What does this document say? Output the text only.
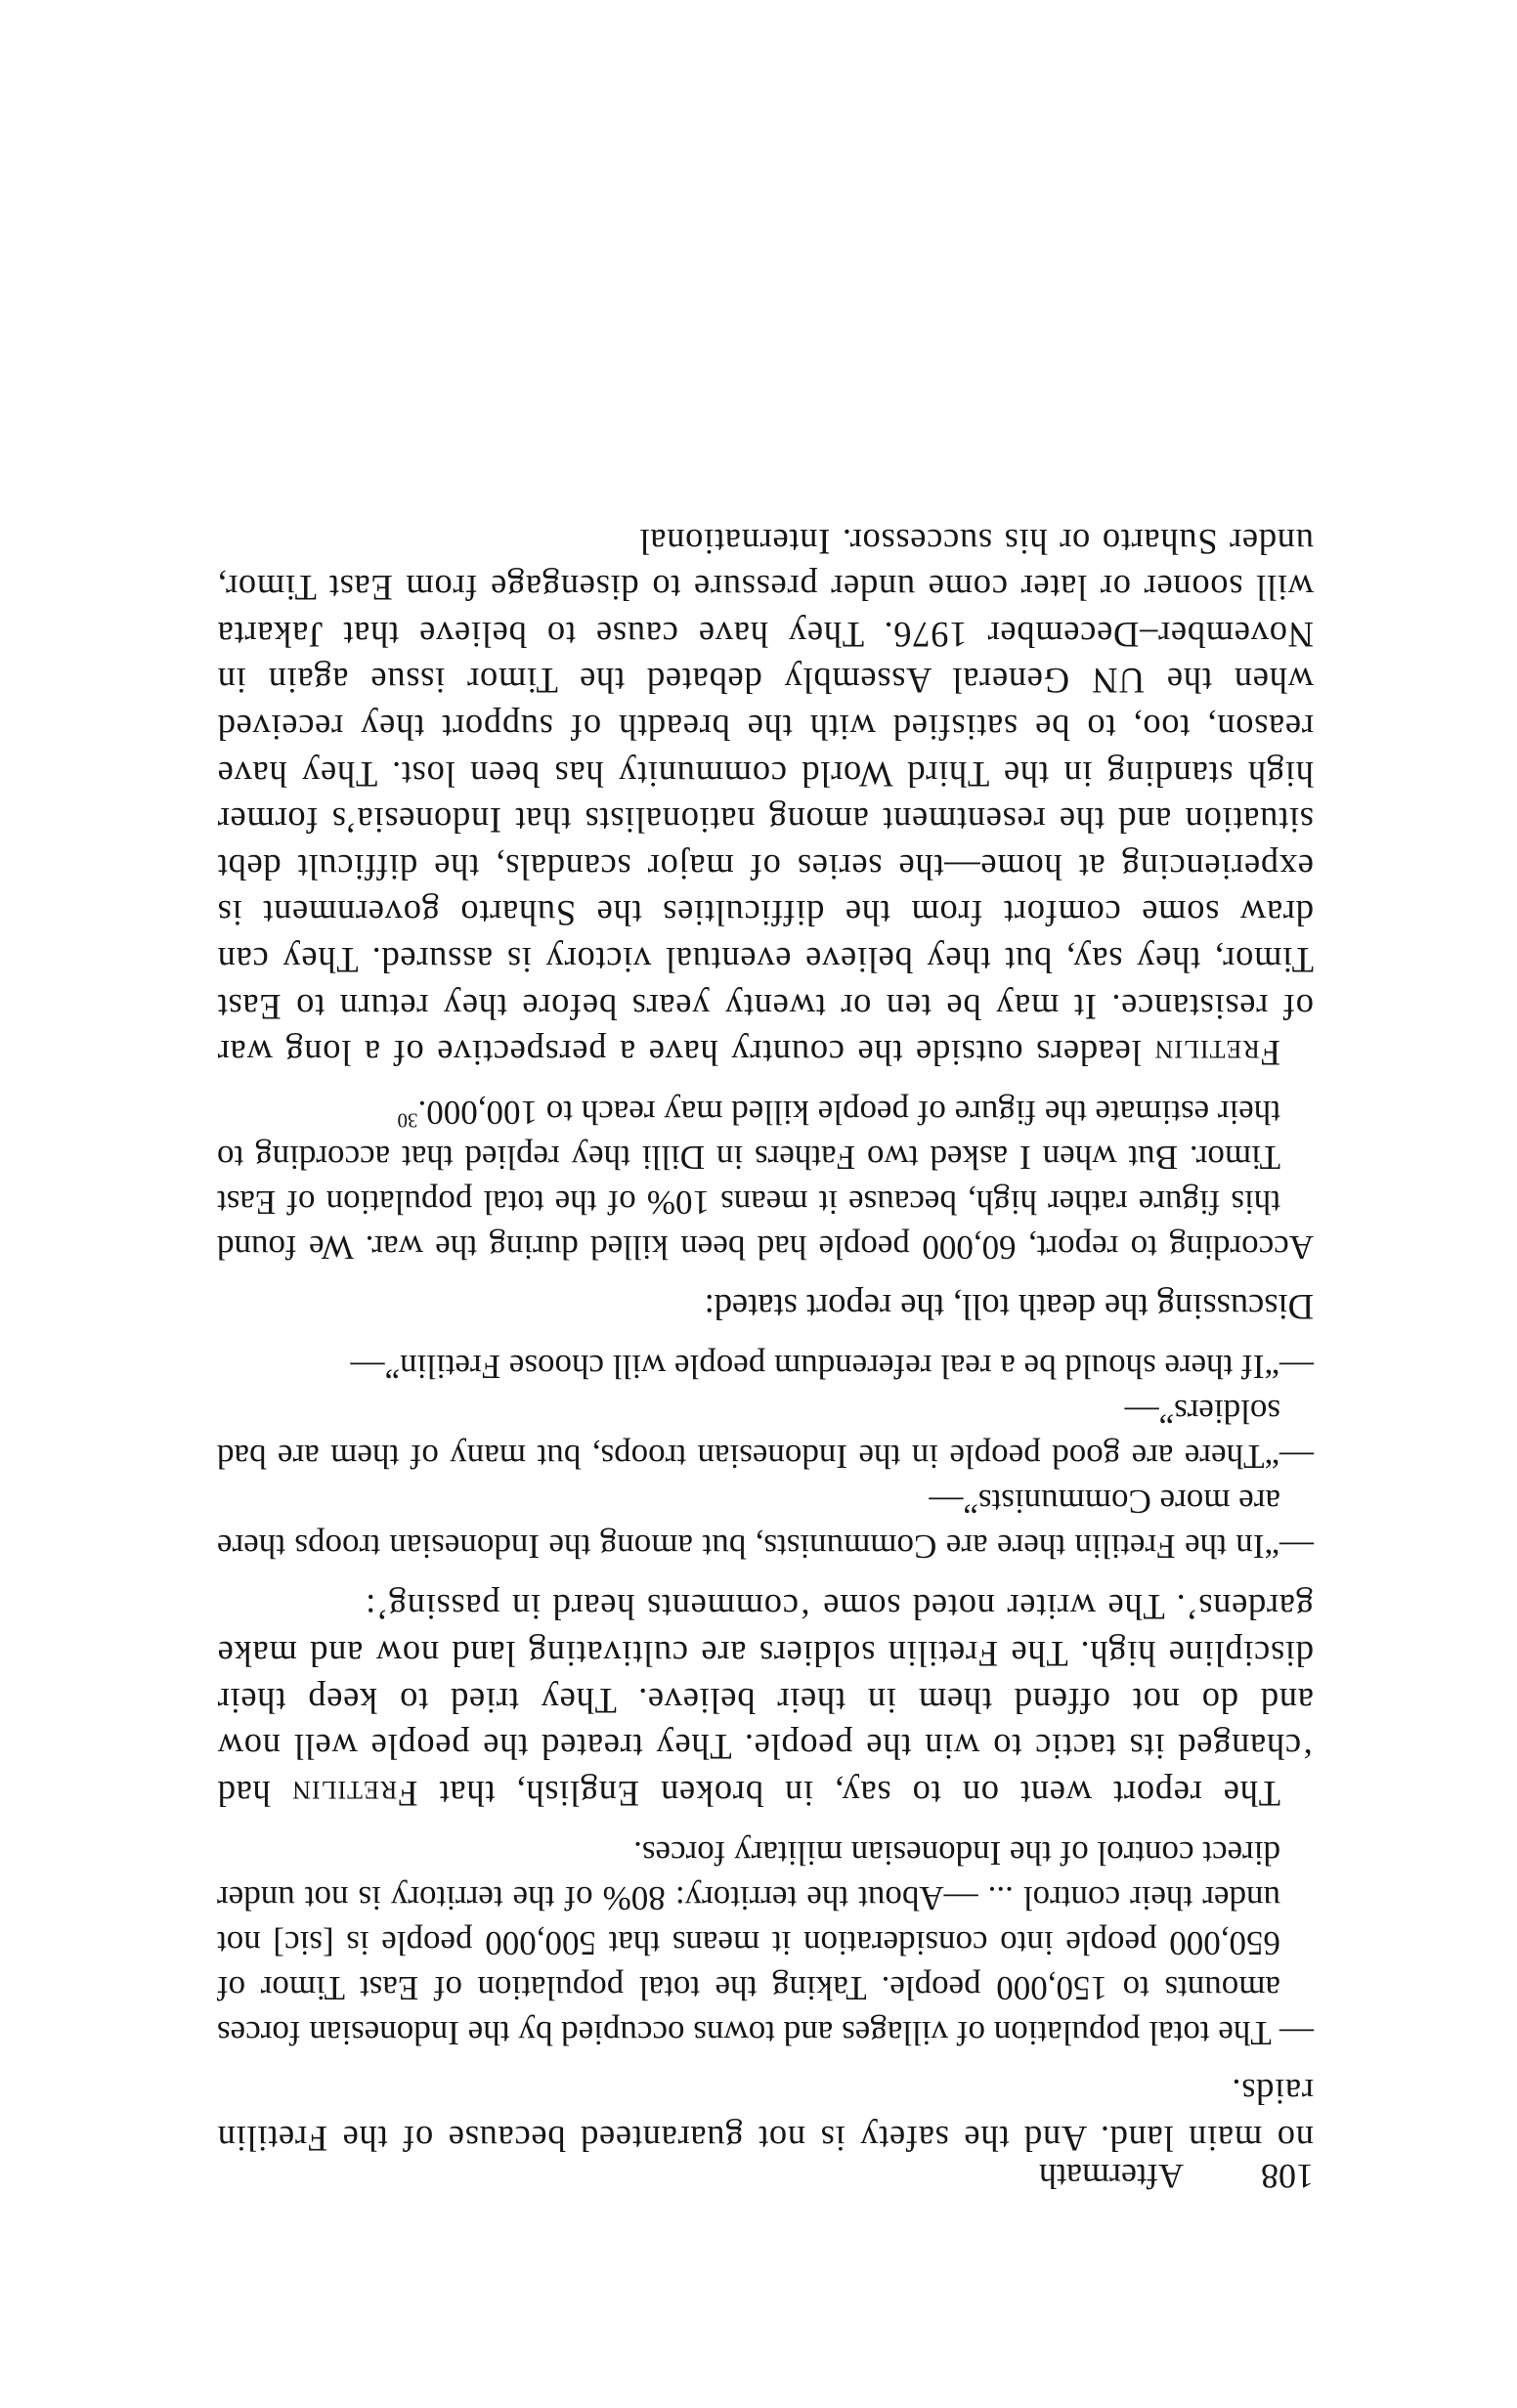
108 Aftermath

no main land. And the safety is not guaranteed because of the Fretilin raids.

— The total population of villages and towns occupied by the Indonesian forces amounts to 150,000 people. Taking the total population of East Timor of 650,000 people into consideration it means that 500,000 people is [sic] not under their control ... —About the territory: 80% of the territory is not under direct control of the Indonesian military forces.

The report went on to say, in broken English, that Fretilin had ‘changed its tactic to win the people. They treated the people well now and do not offend them in their believe. They tried to keep their discipline high. The Fretilin soldiers are cultivating land now and make gardens’. The writer noted some ‘comments heard in passing’:

—“In the Fretilin there are Communists, but among the Indonesian troops there are more Communists”—

—“There are good people in the Indonesian troops, but many of them are bad soldiers”—

—“If there should be a real referendum people will choose Fretilin”—

Discussing the death toll, the report stated:

According to report, 60,000 people had been killed during the war. We found this figure rather high, because it means 10% of the total population of East Timor. But when I asked two Fathers in Dilli they replied that according to their estimate the figure of people killed may reach to 100,000.30

Fretilin leaders outside the country have a perspective of a long war of resistance. It may be ten or twenty years before they return to East Timor, they say, but they believe eventual victory is assured. They can draw some comfort from the difficulties the Suharto government is experiencing at home—the series of major scandals, the difficult debt situation and the resentment among nationalists that Indonesia’s former high standing in the Third World community has been lost. They have reason, too, to be satisfied with the breadth of support they received when the UN General Assembly debated the Timor issue again in November–December 1976. They have cause to believe that Jakarta will sooner or later come under pressure to disengage from East Timor, under Suharto or his successor. International
